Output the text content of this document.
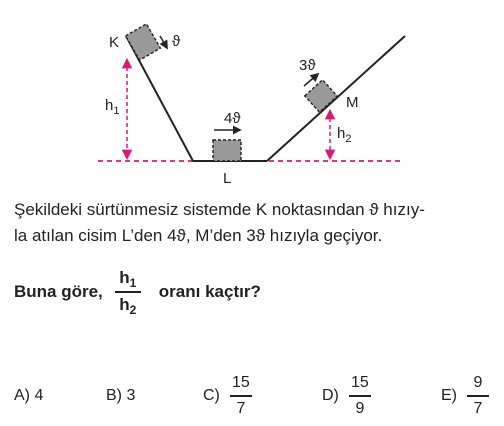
K	ϑ
$h_1$	4ϑ
L
3ϑ
M
$h_2$

Şekildeki sürtünmesiz sistemde K noktasından ϑ hızıy-

la atılan cisim L’den 4ϑ, M’den 3ϑ hızıyla geçiyor.

Buna göre, $\frac{h 1}{h 2}$ oranı kaçtır?
A)
4	B)
3	C)
15
7
D)
15
9
E)
9
7
